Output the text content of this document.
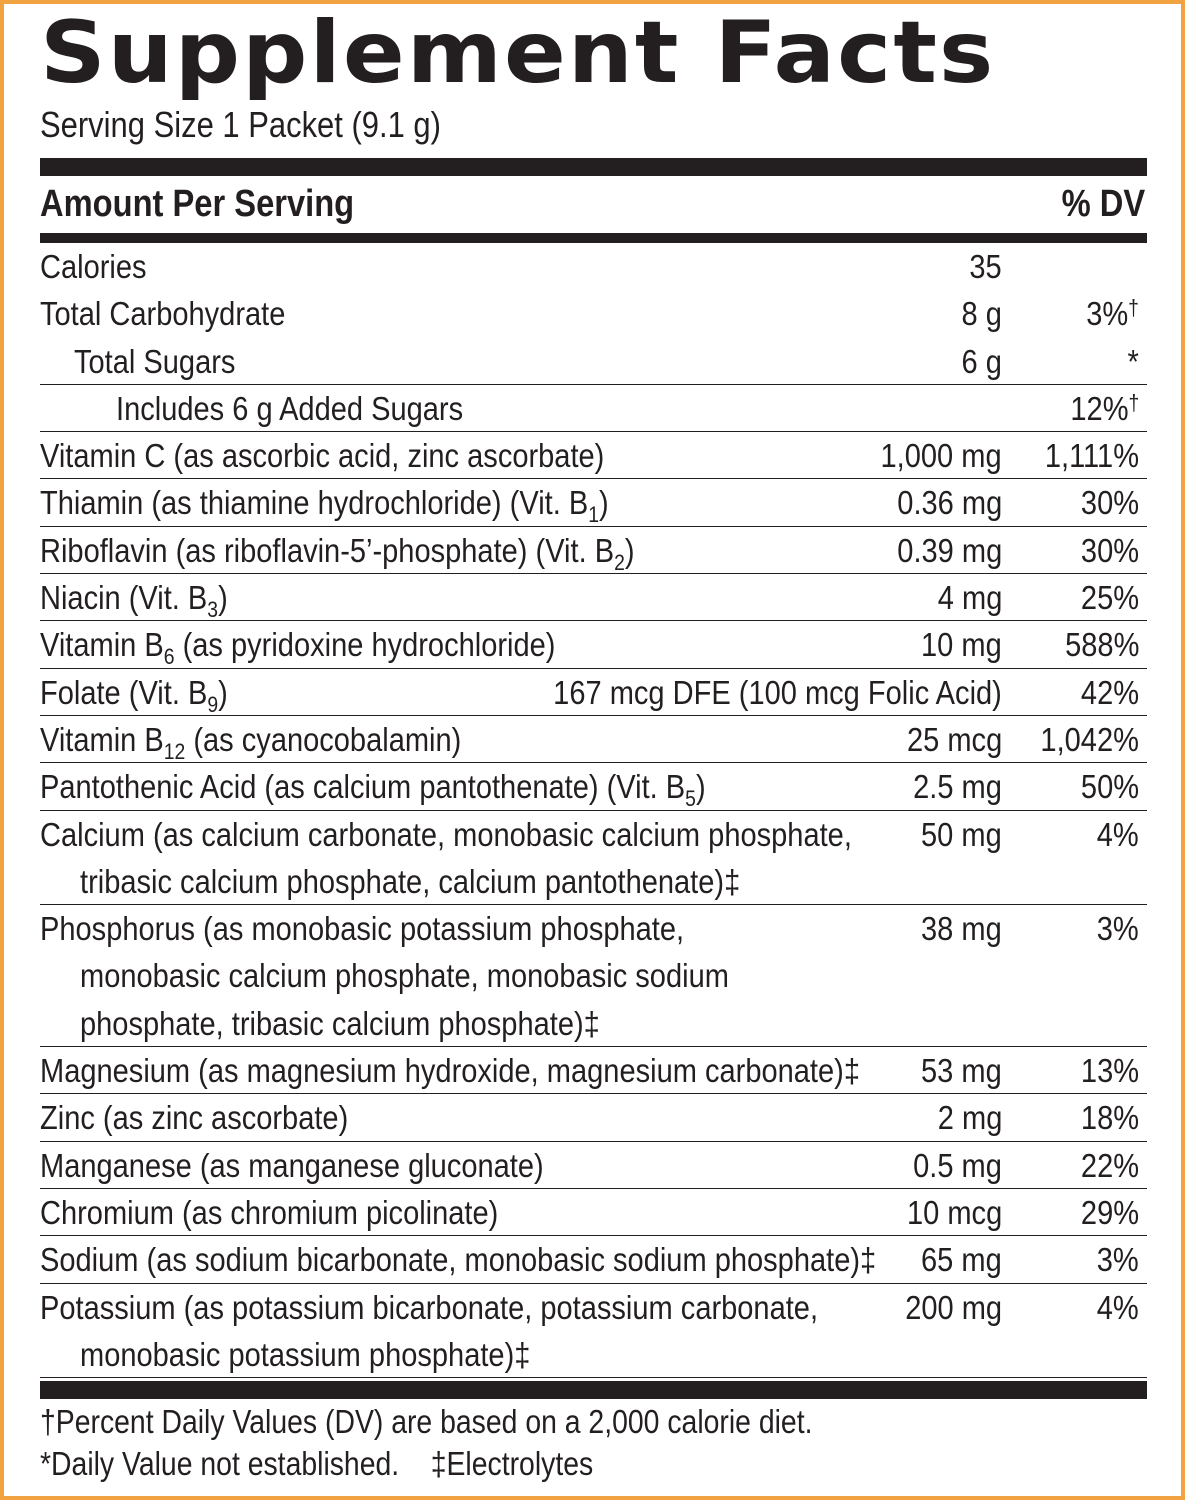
Supplement Facts
Serving Size 1 Packet (9.1 g)
Amount Per Serving	% DV
Calories	35
Total Carbohydrate	8 g	3%†
Total Sugars	6 g	*
Includes 6 g Added Sugars	12%†
Vitamin C (as ascorbic acid, zinc ascorbate)	1,000 mg 1,111%
Thiamin (as thiamine hydrochloride) (Vit. $B_1$)	0.36 mg 30%
Riboflavin (as riboflavin-5’-phosphate) (Vit. $B_2$)	0.39 mg 30%
Niacin (Vit. $B_3$)	4 mg 25%
Vitamin $B_6$ (as pyridoxine hydrochloride)	10 mg 588%
Folate (Vit. $B_9$)	167 mcg DFE (100 mcg Folic Acid) 42%
Vitamin $B_{12}$ (as cyanocobalamin)	25 mcg 1,042%
Pantothenic Acid (as calcium pantothenate) (Vit. $B_5$)	2.5 mg 50%
Calcium (as calcium carbonate, monobasic calcium phosphate,
tribasic calcium phosphate, calcium pantothenate)‡
50 mg	4%
Phosphorus (as monobasic potassium phosphate,
monobasic calcium phosphate, monobasic sodium
phosphate, tribasic calcium phosphate)‡
38 mg	3%
Magnesium (as magnesium hydroxide, magnesium carbonate)‡ 53 mg 13%
Zinc (as zinc ascorbate)	2 mg 18%
Manganese (as manganese gluconate)	0.5 mg 22%
Chromium (as chromium picolinate)	10 mcg 29%
Sodium (as sodium bicarbonate, monobasic sodium phosphate)‡ 65 mg	3%
Potassium (as potassium bicarbonate, potassium carbonate,
monobasic potassium phosphate)‡
200 mg	4%
†Percent Daily Values (DV) are based on a 2,000 calorie diet.
*Daily Value not established.    ‡Electrolytes
